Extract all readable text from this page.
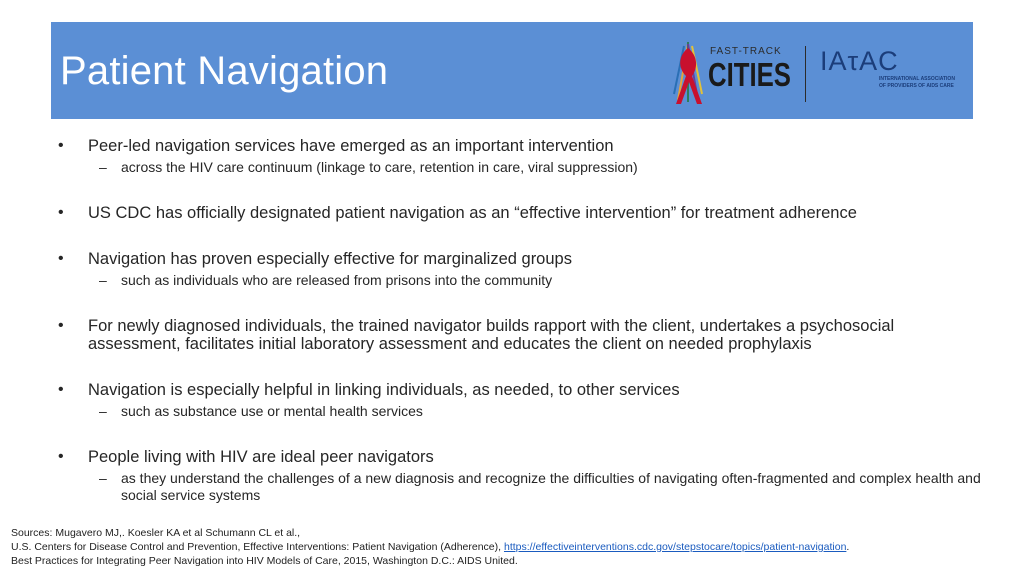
Patient Navigation	FAST-TRACK
CITIES IAτAC
INTERNATIONAL ASSOCIATION
OF PROVIDERS OF AIDS CARE
• Peer-led navigation services have emerged as an important intervention
– across the HIV care continuum (linkage to care, retention in care, viral suppression)
• US CDC has officially designated patient navigation as an “effective intervention” for treatment adherence
• Navigation has proven especially effective for marginalized groups
– such as individuals who are released from prisons into the community
• For newly diagnosed individuals, the trained navigator builds rapport with the client, undertakes a psychosocial assessment, facilitates initial laboratory assessment and educates the client on needed prophylaxis
• Navigation is especially helpful in linking individuals, as needed, to other services
– such as substance use or mental health services
• People living with HIV are ideal peer navigators
– as they understand the challenges of a new diagnosis and recognize the difficulties of navigating often-fragmented and complex health and social service systems
Sources: Mugavero MJ,. Koesler KA et al Schumann CL et al.,
U.S. Centers for Disease Control and Prevention, Effective Interventions: Patient Navigation (Adherence), https://effectiveinterventions.cdc.gov/stepstocare/topics/patient-navigation.
Best Practices for Integrating Peer Navigation into HIV Models of Care, 2015, Washington D.C.: AIDS United.
